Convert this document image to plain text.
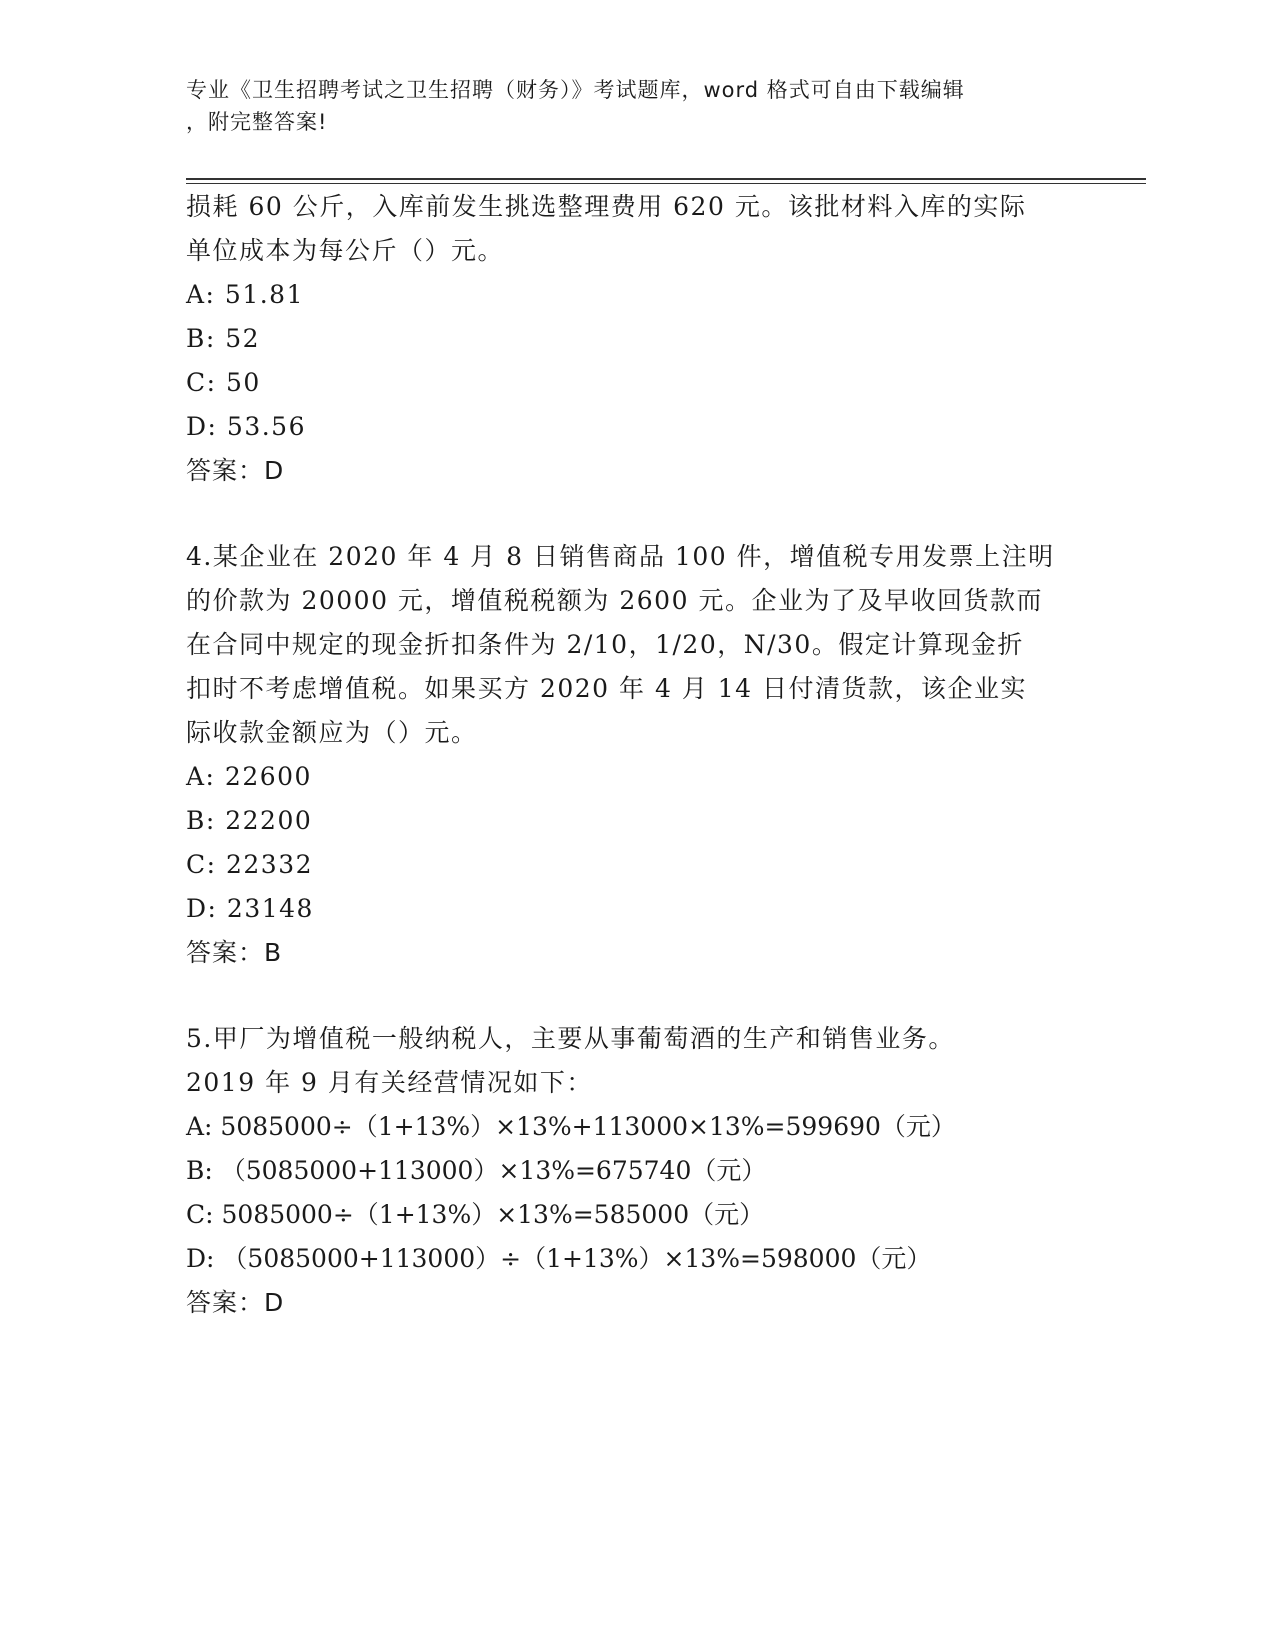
专业《卫生招聘考试之卫生招聘（财务）》考试题库，word 格式可自由下载编辑
，附完整答案!
损耗 60 公斤，入库前发生挑选整理费用 620 元。该批材料入库的实际
单位成本为每公斤（）元。
A: 51.81
B: 52
C: 50
D: 53.56
答案：D
4.某企业在 2020 年 4 月 8 日销售商品 100 件，增值税专用发票上注明
的价款为 20000 元，增值税税额为 2600 元。企业为了及早收回货款而
在合同中规定的现金折扣条件为 2/10，1/20，N/30。假定计算现金折
扣时不考虑增值税。如果买方 2020 年 4 月 14 日付清货款，该企业实
际收款金额应为（）元。
A: 22600
B: 22200
C: 22332
D: 23148
答案：B
5.甲厂为增值税一般纳税人，主要从事葡萄酒的生产和销售业务。
2019 年 9 月有关经营情况如下：
A: 5085000÷（1+13%）×13%+113000×13%=599690（元）
B: （5085000+113000）×13%=675740（元）
C: 5085000÷（1+13%）×13%=585000（元）
D: （5085000+113000）÷（1+13%）×13%=598000（元）
答案：D
